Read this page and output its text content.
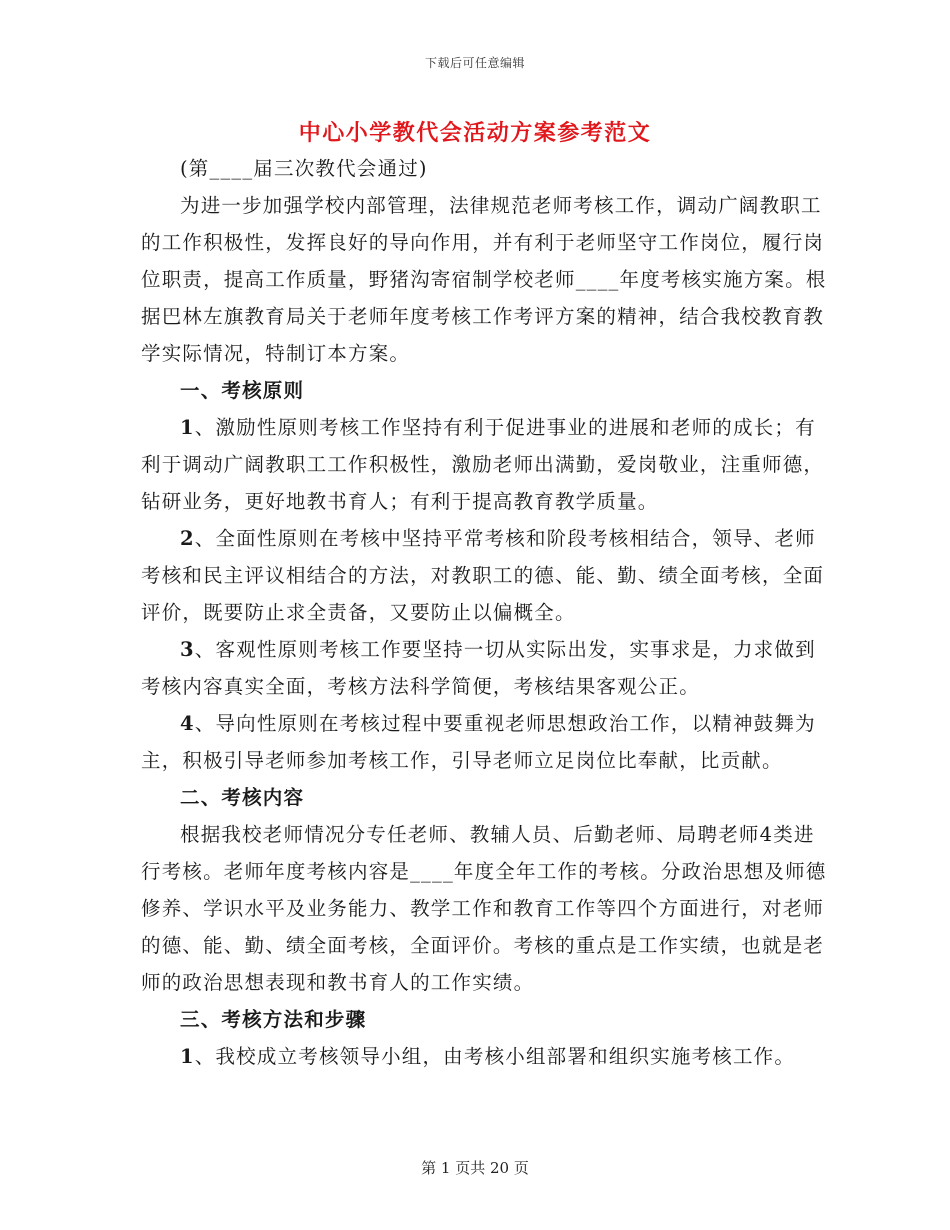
下载后可任意编辑
中心小学教代会活动方案参考范文

(第____届三次教代会通过)

为进一步加强学校内部管理，法律规范老师考核工作，调动广阔教职工的工作积极性，发挥良好的导向作用，并有利于老师坚守工作岗位，履行岗位职责，提高工作质量，野猪沟寄宿制学校老师____年度考核实施方案。根据巴林左旗教育局关于老师年度考核工作考评方案的精神，结合我校教育教学实际情况，特制订本方案。

一、考核原则

1、激励性原则考核工作坚持有利于促进事业的进展和老师的成长；有利于调动广阔教职工工作积极性，激励老师出满勤，爱岗敬业，注重师德，钻研业务，更好地教书育人；有利于提高教育教学质量。

2、全面性原则在考核中坚持平常考核和阶段考核相结合，领导、老师考核和民主评议相结合的方法，对教职工的德、能、勤、绩全面考核，全面评价，既要防止求全责备，又要防止以偏概全。

3、客观性原则考核工作要坚持一切从实际出发，实事求是，力求做到考核内容真实全面，考核方法科学简便，考核结果客观公正。

4、导向性原则在考核过程中要重视老师思想政治工作，以精神鼓舞为主，积极引导老师参加考核工作，引导老师立足岗位比奉献，比贡献。

二、考核内容

根据我校老师情况分专任老师、教辅人员、后勤老师、局聘老师4类进行考核。老师年度考核内容是____年度全年工作的考核。分政治思想及师德修养、学识水平及业务能力、教学工作和教育工作等四个方面进行，对老师的德、能、勤、绩全面考核，全面评价。考核的重点是工作实绩，也就是老师的政治思想表现和教书育人的工作实绩。

三、考核方法和步骤

1、我校成立考核领导小组，由考核小组部署和组织实施考核工作。

第 1 页共 20 页
